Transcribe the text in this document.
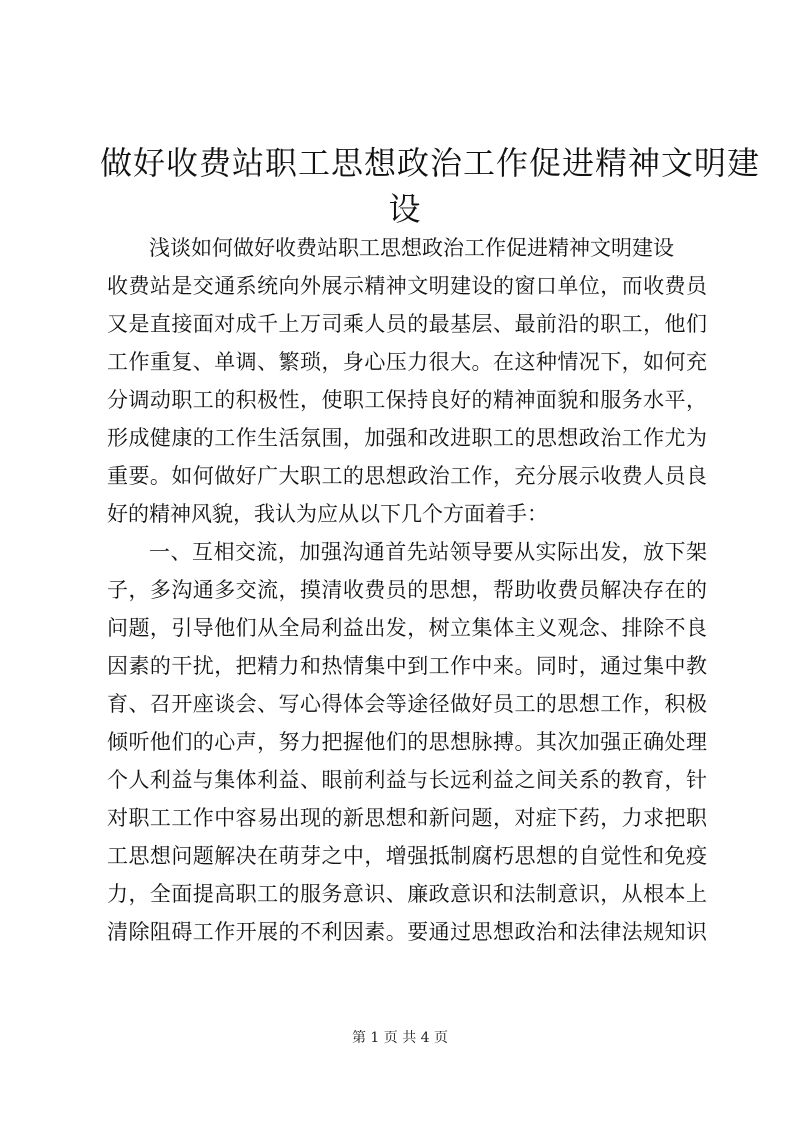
做好收费站职工思想政治工作促进精神文明建
设
浅谈如何做好收费站职工思想政治工作促进精神文明建设
收费站是交通系统向外展示精神文明建设的窗口单位，而收费员
又是直接面对成千上万司乘人员的最基层、最前沿的职工，他们
工作重复、单调、繁琐，身心压力很大。在这种情况下，如何充
分调动职工的积极性，使职工保持良好的精神面貌和服务水平，
形成健康的工作生活氛围，加强和改进职工的思想政治工作尤为
重要。如何做好广大职工的思想政治工作，充分展示收费人员良
好的精神风貌，我认为应从以下几个方面着手：
一、互相交流，加强沟通首先站领导要从实际出发，放下架
子，多沟通多交流，摸清收费员的思想，帮助收费员解决存在的
问题，引导他们从全局利益出发，树立集体主义观念、排除不良
因素的干扰，把精力和热情集中到工作中来。同时，通过集中教
育、召开座谈会、写心得体会等途径做好员工的思想工作，积极
倾听他们的心声，努力把握他们的思想脉搏。其次加强正确处理
个人利益与集体利益、眼前利益与长远利益之间关系的教育，针
对职工工作中容易出现的新思想和新问题，对症下药，力求把职
工思想问题解决在萌芽之中，增强抵制腐朽思想的自觉性和免疫
力，全面提高职工的服务意识、廉政意识和法制意识，从根本上
清除阻碍工作开展的不利因素。要通过思想政治和法律法规知识
第 1 页 共 4 页
